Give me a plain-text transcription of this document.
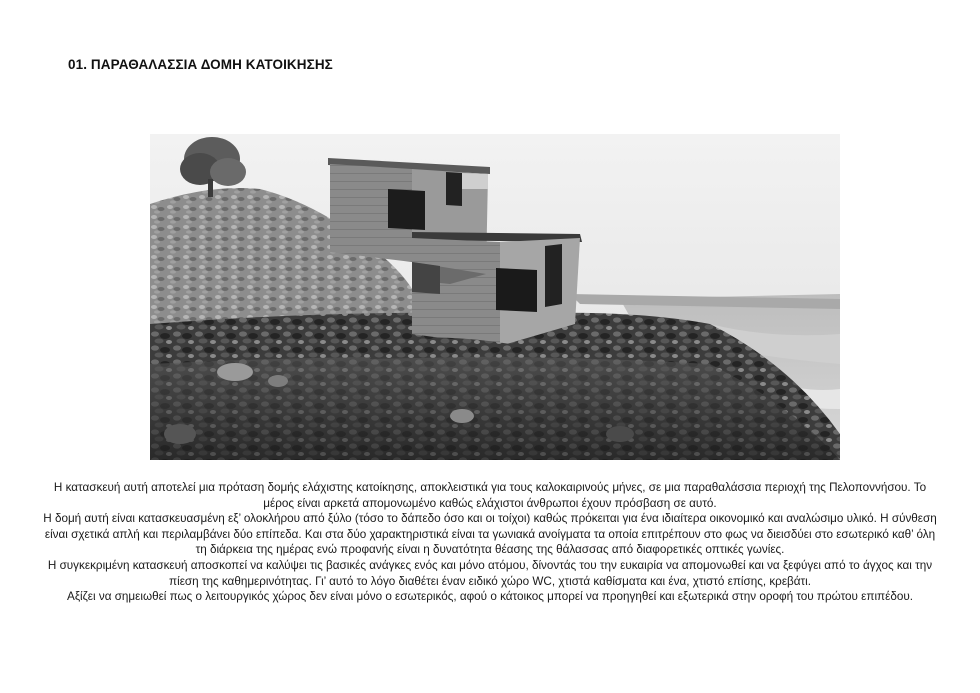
01. ΠΑΡΑΘΑΛΑΣΣΙΑ ΔΟΜΗ ΚΑΤΟΙΚΗΣΗΣ

Η κατασκευή αυτή αποτελεί μια πρόταση δομής ελάχιστης κατοίκησης, αποκλειστικά για τους καλοκαιρινούς μήνες, σε μια παραθαλάσσια περιοχή της Πελοποννήσου. Το μέρος είναι αρκετά απομονωμένο καθώς ελάχιστοι άνθρωποι έχουν πρόσβαση σε αυτό.

Η δομή αυτή είναι κατασκευασμένη εξ’ ολοκλήρου από ξύλο (τόσο το δάπεδο όσο και οι τοίχοι) καθώς πρόκειται για ένα ιδιαίτερα οικονομικό και αναλώσιμο υλικό. Η σύνθεση είναι σχετικά απλή και περιλαμβάνει δύο επίπεδα. Και στα δύο χαρακτηριστικά είναι τα γωνιακά ανοίγματα τα οποία επιτρέπουν στο φως να διεισδύει στο εσωτερικό καθ’ όλη τη διάρκεια της ημέρας ενώ προφανής είναι η δυνατότητα θέασης της θάλασσας από διαφορετικές οπτικές γωνίες.

Η συγκεκριμένη κατασκευή αποσκοπεί να καλύψει τις βασικές ανάγκες ενός και μόνο ατόμου, δίνοντάς του την ευκαιρία να απομονωθεί και να ξεφύγει από το άγχος και την πίεση της καθημερινότητας. Γι’ αυτό το λόγο διαθέτει έναν ειδικό χώρο WC, χτιστά καθίσματα και ένα, χτιστό επίσης, κρεβάτι.

Αξίζει να σημειωθεί πως ο λειτουργικός χώρος δεν είναι μόνο ο εσωτερικός, αφού ο κάτοικος μπορεί να προηγηθεί και εξωτερικά στην οροφή του πρώτου επιπέδου.
